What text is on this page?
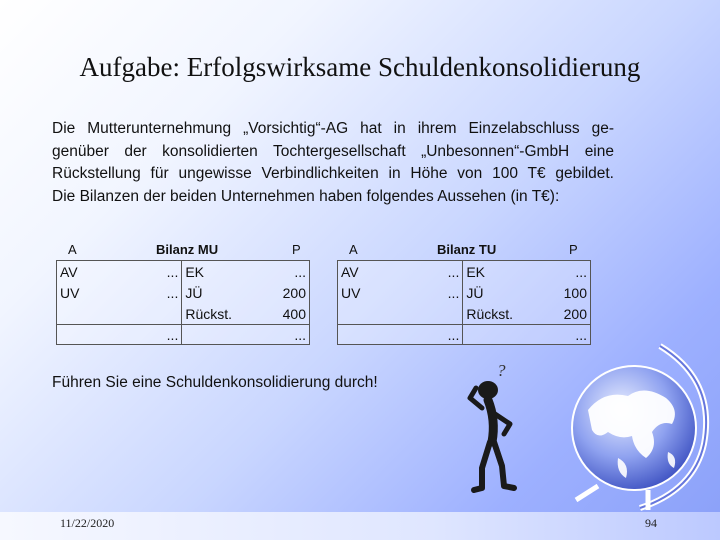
Aufgabe: Erfolgswirksame Schuldenkonsolidierung
Die Mutterunternehmung „Vorsichtig“-AG hat in ihrem Einzelabschluss ge-
genüber der konsolidierten Tochtergesellschaft „Unbesonnen“-GmbH eine
Rückstellung für ungewisse Verbindlichkeiten in Höhe von 100 T€ gebildet.
Die Bilanzen der beiden Unternehmen haben folgendes Aussehen (in T€):
A	Bilanz MU	P
AV	...	EK	...
UV	...	JÜ	200
		Rückst.	400
	...		...
A	Bilanz TU	P
AV	...	EK	...
UV	...	JÜ	100
		Rückst.	200
	...		...
Führen Sie eine Schuldenkonsolidierung durch!
?
11/22/2020	94
